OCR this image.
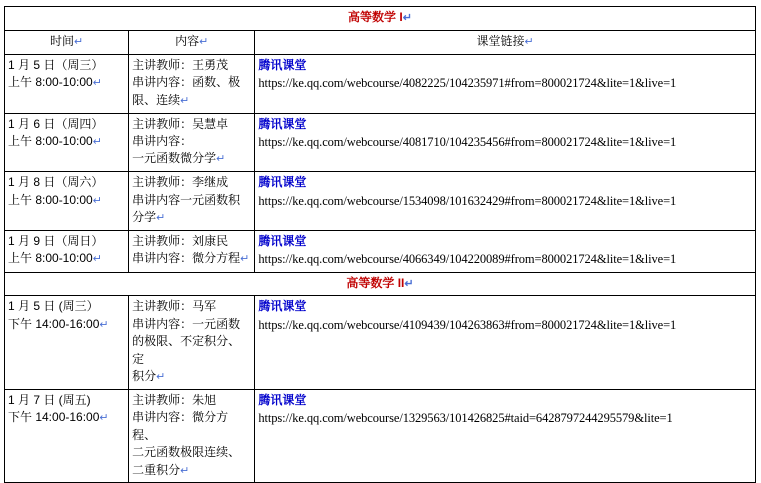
高等数学 I↵		
时间↵	内容↵	课堂链接↵

1 月 5 日（周三）
上午 8:00-10:00↵	主讲教师：王勇茂
串讲内容：函数、极
限、连续↵	腾讯课堂
https://ke.qq.com/webcourse/4082225/104235971#from=800021724&lite=1&live=1

1 月 6 日（周四）
上午 8:00-10:00↵	主讲教师：吴慧卓
串讲内容：
一元函数微分学↵	腾讯课堂
https://ke.qq.com/webcourse/4081710/104235456#from=800021724&lite=1&live=1

1 月 8 日（周六）
上午 8:00-10:00↵	主讲教师：李继成
串讲内容一元函数积
分学↵	腾讯课堂
https://ke.qq.com/webcourse/1534098/101632429#from=800021724&lite=1&live=1

1 月 9 日（周日）
上午 8:00-10:00↵	主讲教师：刘康民
串讲内容：微分方程↵	腾讯课堂
https://ke.qq.com/webcourse/4066349/104220089#from=800021724&lite=1&live=1

高等数学 II↵		

1 月 5 日 (周三）
下午 14:00-16:00↵	主讲教师：马军
串讲内容：一元函数
的极限、不定积分、定
积分↵	腾讯课堂
https://ke.qq.com/webcourse/4109439/104263863#from=800021724&lite=1&live=1

1 月 7 日 (周五)
下午 14:00-16:00↵	主讲教师：朱旭
串讲内容：微分方程、
二元函数极限连续、
二重积分↵	腾讯课堂
https://ke.qq.com/webcourse/1329563/101426825#taid=6428797244295579&lite=1
